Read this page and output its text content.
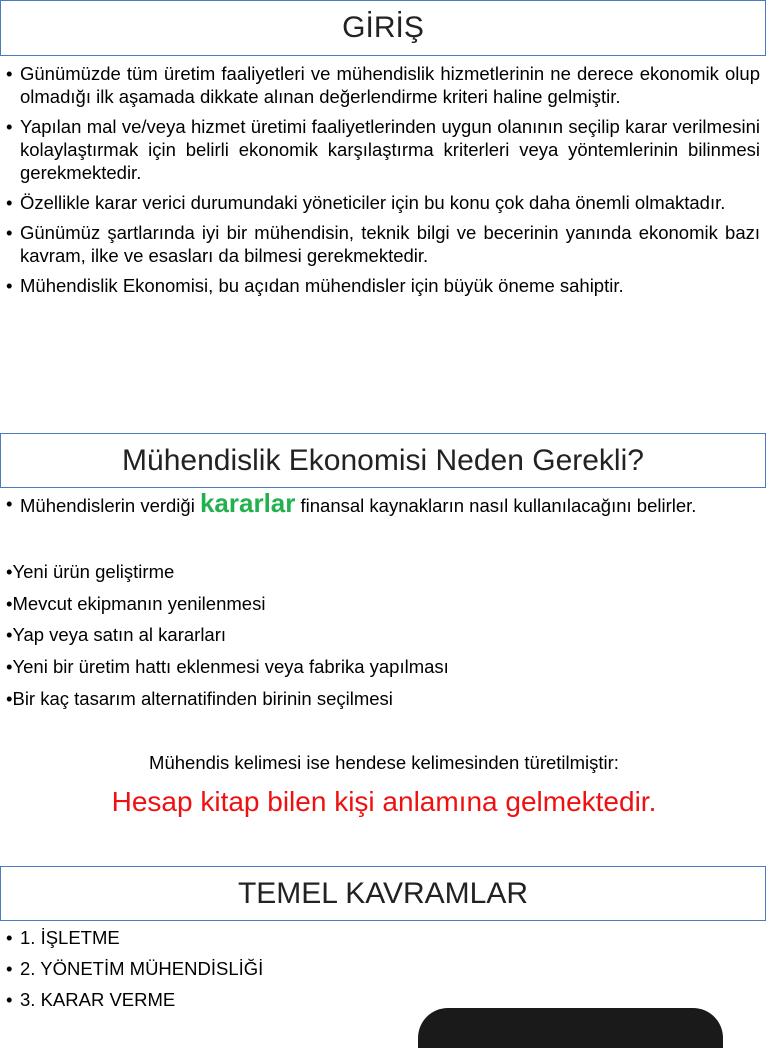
GİRİŞ
• Günümüzde tüm üretim faaliyetleri ve mühendislik hizmetlerinin ne derece ekonomik olup olmadığı ilk aşamada dikkate alınan değerlendirme kriteri haline gelmiştir.
• Yapılan mal ve/veya hizmet üretimi faaliyetlerinden uygun olanının seçilip karar verilmesini kolaylaştırmak için belirli ekonomik karşılaştırma kriterleri veya yöntemlerinin bilinmesi gerekmektedir.
• Özellikle karar verici durumundaki yöneticiler için bu konu çok daha önemli olmaktadır.
• Günümüz şartlarında iyi bir mühendisin, teknik bilgi ve becerinin yanında ekonomik bazı kavram, ilke ve esasları da bilmesi gerekmektedir.
• Mühendislik Ekonomisi, bu açıdan mühendisler için büyük öneme sahiptir.
Mühendislik Ekonomisi Neden Gerekli?
• Mühendislerin verdiği kararlar finansal kaynakların nasıl kullanılacağını belirler.
•Yeni ürün geliştirme
•Mevcut ekipmanın yenilenmesi
•Yap veya satın al kararları
•Yeni bir üretim hattı eklenmesi veya fabrika yapılması
•Bir kaç tasarım alternatifinden birinin seçilmesi
Mühendis kelimesi ise hendese kelimesinden türetilmiştir:
Hesap kitap bilen kişi anlamına gelmektedir.
TEMEL KAVRAMLAR
• 1. İŞLETME
• 2. YÖNETİM MÜHENDİSLİĞİ
• 3. KARAR VERME
